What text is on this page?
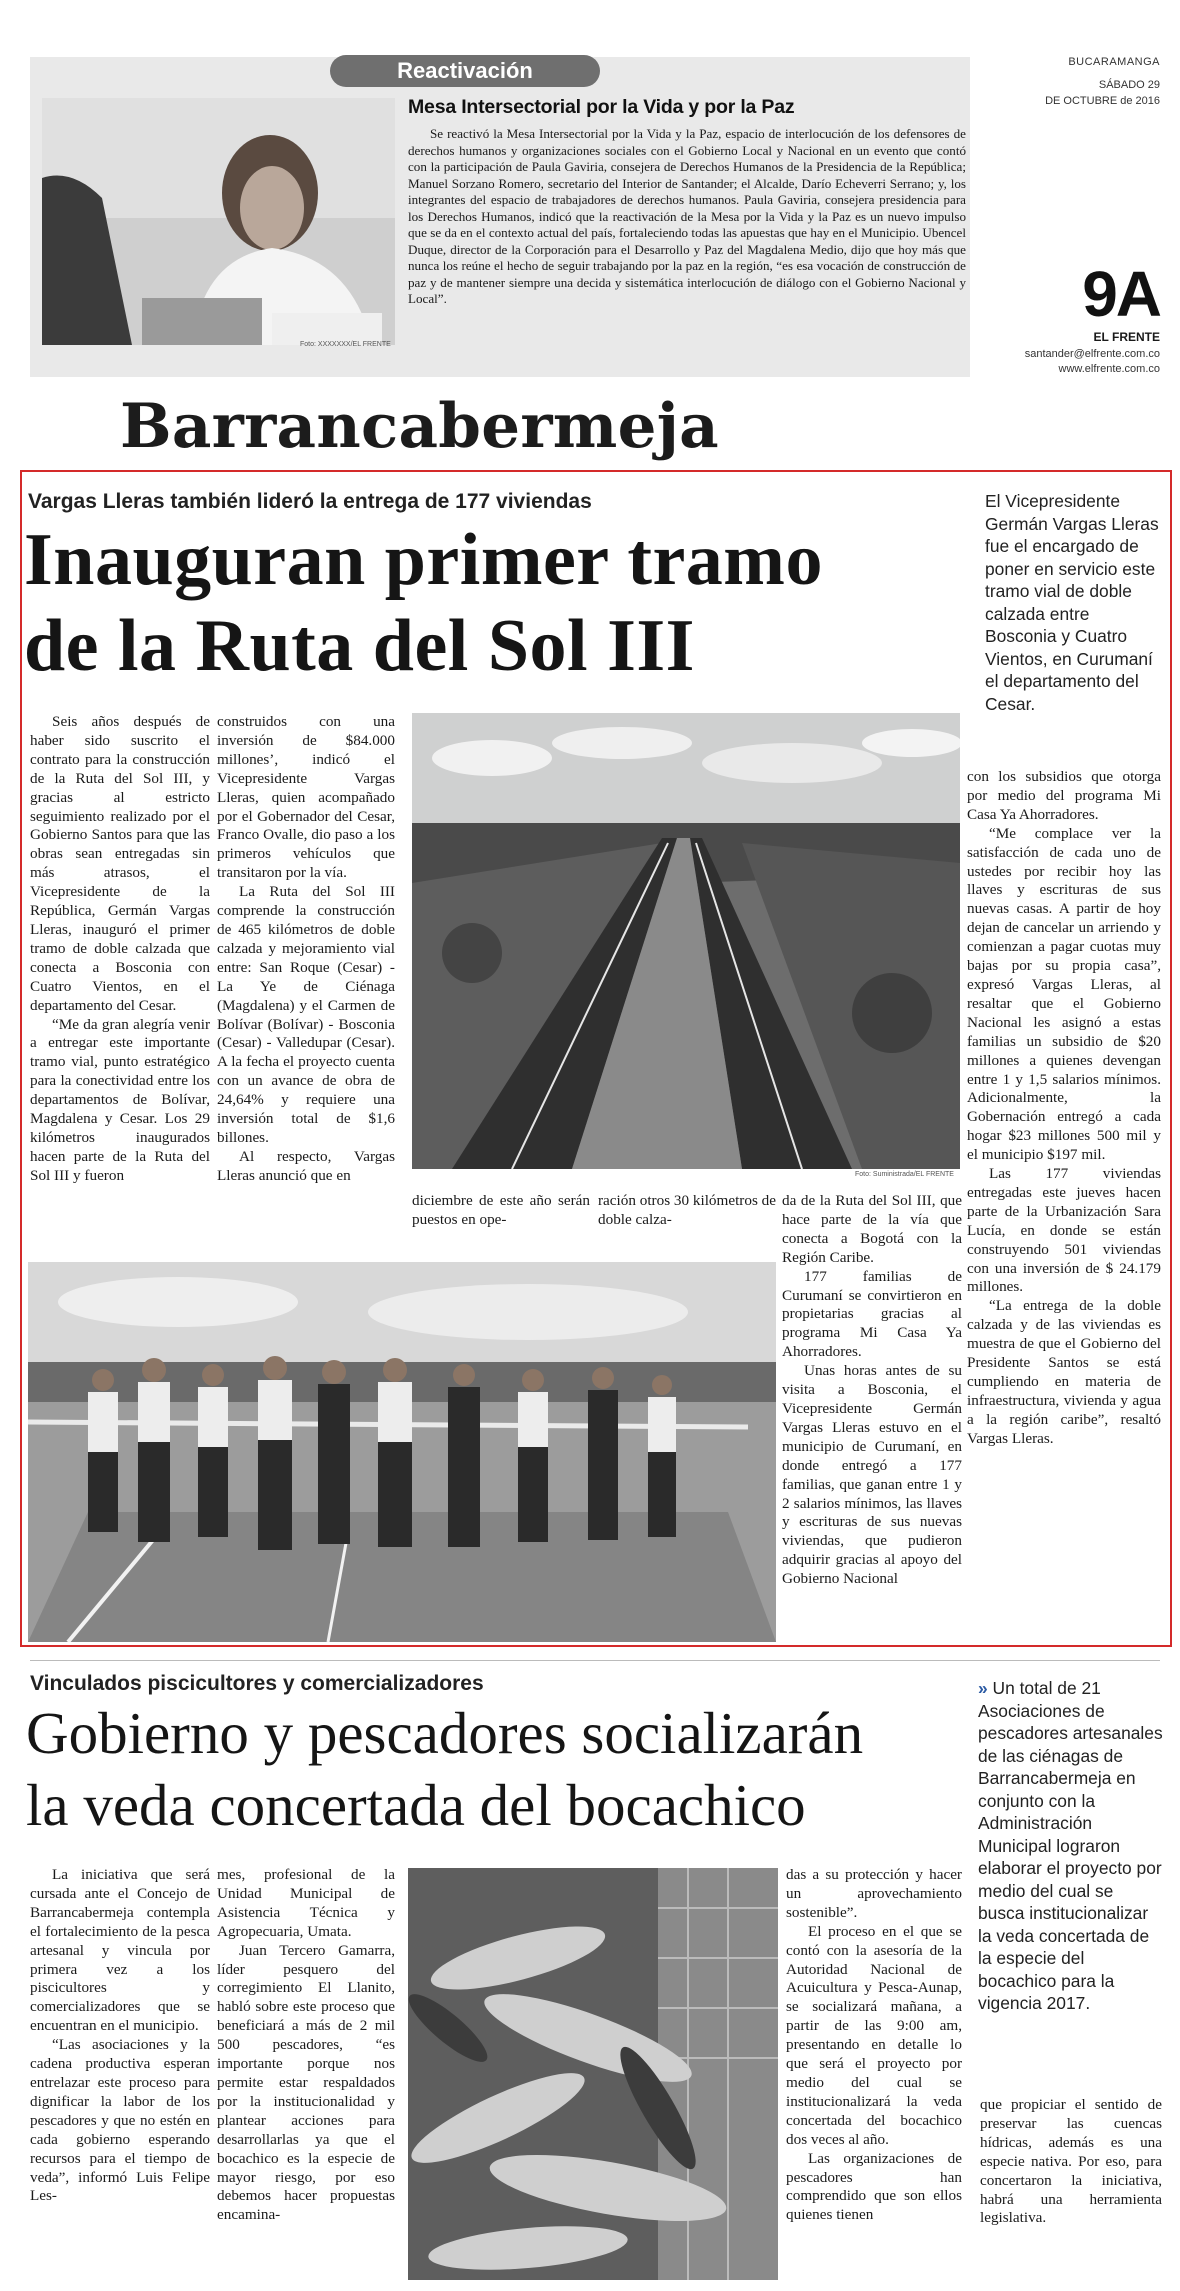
Reactivación
Foto: XXXXXXX/EL FRENTE
Mesa Intersectorial por la Vida y por la Paz
Se reactivó la Mesa Intersectorial por la Vida y la Paz, espacio de interlocución de los defensores de derechos humanos y organizaciones sociales con el Gobierno Local y Nacional en un evento que contó con la participación de Paula Gaviria, consejera de Derechos Humanos de la Presidencia de la República; Manuel Sorzano Romero, secretario del Interior de Santander; el Alcalde, Darío Echeverri Serrano; y, los integrantes del espacio de trabajadores de derechos humanos. Paula Gaviria, consejera presidencia para los Derechos Humanos, indicó que la reactivación de la Mesa por la Vida y la Paz es un nuevo impulso que se da en el contexto actual del país, fortaleciendo todas las apuestas que hay en el Municipio. Ubencel Duque, director de la Corporación para el Desarrollo y Paz del Magdalena Medio, dijo que hoy más que nunca los reúne el hecho de seguir trabajando por la paz en la región, “es esa vocación de construcción de paz y de mantener siempre una decida y sistemática interlocución de diálogo con el Gobierno Nacional y Local”.
BUCARAMANGA
SÁBADO 29
DE OCTUBRE de 2016
9A
EL FRENTE
santander@elfrente.com.co
www.elfrente.com.co
Barrancabermeja
Vargas Lleras también lideró la entrega de 177 viviendas
Inauguran primer tramo
de la Ruta del Sol III
El Vicepresidente Germán Vargas Lleras fue el encargado de poner en servicio este tramo vial de doble calzada entre Bosconia y Cuatro Vientos, en Curumaní el departamento del Cesar.

Seis años después de haber sido suscrito el contrato para la construcción de la Ruta del Sol III, y gracias al estricto seguimiento realizado por el Gobierno Santos para que las obras sean entregadas sin más atrasos, el Vicepresidente de la República, Germán Vargas Lleras, inauguró el primer tramo de doble calzada que conecta a Bosconia con Cuatro Vientos, en el departamento del Cesar.

“Me da gran alegría venir a entregar este importante tramo vial, punto estratégico para la conectividad entre los departamentos de Bolívar, Magdalena y Cesar. Los 29 kilómetros inaugurados hacen parte de la Ruta del Sol III y fueron

construidos con una inversión de $84.000 millones’, indicó el Vicepresidente Vargas Lleras, quien acompañado por el Gobernador del Cesar, Franco Ovalle, dio paso a los primeros vehículos que transitaron por la vía.

La Ruta del Sol III comprende la construcción de 465 kilómetros de doble calzada y mejoramiento vial entre: San Roque (Cesar) - La Ye de Ciénaga (Magdalena) y el Carmen de Bolívar (Bolívar) - Bosconia (Cesar) - Valledupar (Cesar). A la fecha el proyecto cuenta con un avance de obra de 24,64% y requiere una inversión total de $1,6 billones.

Al respecto, Vargas Lleras anunció que en	Foto: Suministrada/EL FRENTE

con los subsidios que otorga por medio del programa Mi Casa Ya Ahorradores.

“Me complace ver la satisfacción de cada uno de ustedes por recibir hoy las llaves y escrituras de sus nuevas casas. A partir de hoy dejan de cancelar un arriendo y comienzan a pagar cuotas muy bajas por su propia casa”, expresó Vargas Lleras, al resaltar que el Gobierno Nacional les asignó a estas familias un subsidio de $20 millones a quienes devengan entre 1 y 1,5 salarios mínimos. Adicionalmente, la Gobernación entregó a cada hogar $23 millones 500 mil y el municipio $197 mil.

Las 177 viviendas entregadas este jueves hacen parte de la Urbanización Sara Lucía, en donde se están construyendo 501 viviendas con una inversión de $ 24.179 millones.

“La entrega de la doble calzada y de las viviendas es muestra de que el Gobierno del Presidente Santos se está cumpliendo en materia de infraestructura, vivienda y agua a la región caribe”, resaltó Vargas Lleras.

diciembre de este año serán puestos en ope-
ración otros 30 kilómetros de doble calza-

da de la Ruta del Sol III, que hace parte de la vía que conecta a Bogotá con la Región Caribe.

177 familias de Curumaní se convirtieron en propietarias gracias al programa Mi Casa Ya Ahorradores.

Unas horas antes de su visita a Bosconia, el Vicepresidente Germán Vargas Lleras estuvo en el municipio de Curumaní, en donde entregó a 177 familias, que ganan entre 1 y 2 salarios mínimos, las llaves y escrituras de sus nuevas viviendas, que pudieron adquirir gracias al apoyo del Gobierno Nacional

Vinculados piscicultores y comercializadores
Gobierno y pescadores socializarán
la veda concertada del bocachico
» Un total de 21 Asociaciones de pescadores artesanales de las ciénagas de Barrancabermeja en conjunto con la Administración Municipal lograron elaborar el proyecto por medio del cual se busca institucionalizar la veda concertada de la especie del bocachico para la vigencia 2017.

La iniciativa que será cursada ante el Concejo de Barrancabermeja contempla el fortalecimiento de la pesca artesanal y vincula por primera vez a los piscicultores y comercializadores que se encuentran en el municipio.

“Las asociaciones y la cadena productiva esperan entrelazar este proceso para dignificar la labor de los pescadores y que no estén en cada gobierno esperando recursos para el tiempo de veda”, informó Luis Felipe Les-

mes, profesional de la Unidad Municipal de Asistencia Técnica y Agropecuaria, Umata.

Juan Tercero Gamarra, líder pesquero del corregimiento El Llanito, habló sobre este proceso que beneficiará a más de 2 mil 500 pescadores, “es importante porque nos permite estar respaldados por la institucionalidad y plantear acciones para desarrollarlas ya que el bocachico es la especie de mayor riesgo, por eso debemos hacer propuestas encamina-

das a su protección y hacer un aprovechamiento sostenible”.

El proceso en el que se contó con la asesoría de la Autoridad Nacional de Acuicultura y Pesca-Aunap, se socializará mañana, a partir de las 9:00 am, presentando en detalle lo que será el proyecto por medio del cual se institucionalizará la veda concertada del bocachico dos veces al año.

Las organizaciones de pescadores han comprendido que son ellos quienes tienen

que propiciar el sentido de preservar las cuencas hídricas, además es una especie nativa. Por eso, para concertaron la iniciativa, habrá una herramienta legislativa.
